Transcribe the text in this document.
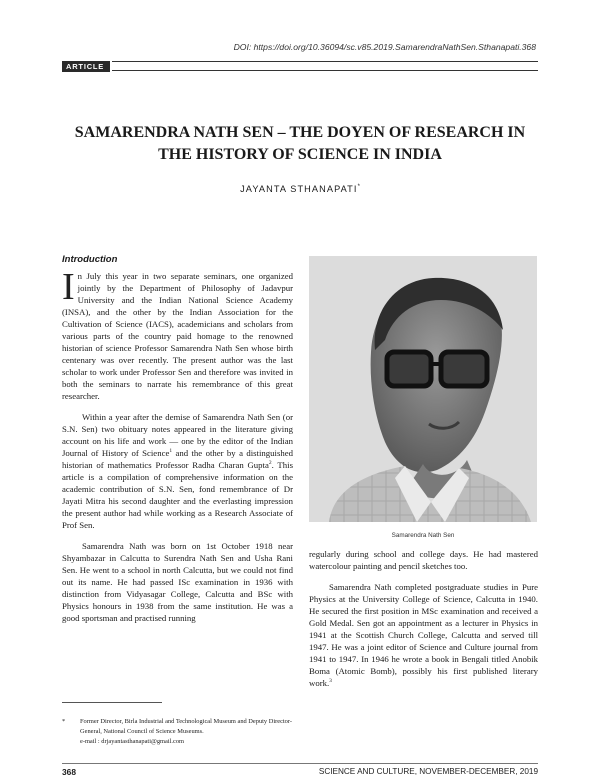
DOI: https://doi.org/10.36094/sc.v85.2019.SamarendraNathSen.Sthanapati.368
ARTICLE
SAMARENDRA NATH SEN – THE DOYEN OF RESEARCH IN THE HISTORY OF SCIENCE IN INDIA
JAYANTA STHANAPATI*
Introduction

In July this year in two separate seminars, one organized jointly by the Department of Philosophy of Jadavpur University and the Indian National Science Academy (INSA), and the other by the Indian Association for the Cultivation of Science (IACS), academicians and scholars from various parts of the country paid homage to the renowned historian of science Professor Samarendra Nath Sen whose birth centenary was over recently. The present author was the last scholar to work under Professor Sen and therefore was invited in both the seminars to narrate his remembrance of this great researcher.

Within a year after the demise of Samarendra Nath Sen (or S.N. Sen) two obituary notes appeared in the literature giving account on his life and work — one by the editor of the Indian Journal of History of Science$^1$ and the other by a distinguished historian of mathematics Professor Radha Charan Gupta$^2$. This article is a compilation of comprehensive information on the academic contribution of S.N. Sen, fond remembrance of Dr Jayati Mitra his second daughter and the everlasting impression the present author had while working as a Research Associate of Prof Sen.

Samarendra Nath was born on 1st October 1918 near Shyambazar in Calcutta to Surendra Nath Sen and Usha Rani Sen. He went to a school in north Calcutta, but we could not find out its name. He had passed ISc examination in 1936 with distinction from Vidyasagar College, Calcutta and BSc with Physics honours in 1938 from the same institution. He was a good sportsman and practised running

Samarendra Nath Sen

regularly during school and college days. He had mastered watercolour painting and pencil sketches too.

Samarendra Nath completed postgraduate studies in Pure Physics at the University College of Science, Calcutta in 1940. He secured the first position in MSc examination and received a Gold Medal. Sen got an appointment as a lecturer in Physics in 1941 at the Scottish Church College, Calcutta and served till 1947. He was a joint editor of Science and Culture journal from 1941 to 1947. In 1946 he wrote a book in Bengali titled Anobik Boma (Atomic Bomb), possibly his first published literary work.$^3$

* Former Director, Birla Industrial and Technological Museum and Deputy Director-General, National Council of Science Museums.
e-mail : drjayantasthanapati@gmail.com
368	SCIENCE AND CULTURE, NOVEMBER-DECEMBER, 2019
